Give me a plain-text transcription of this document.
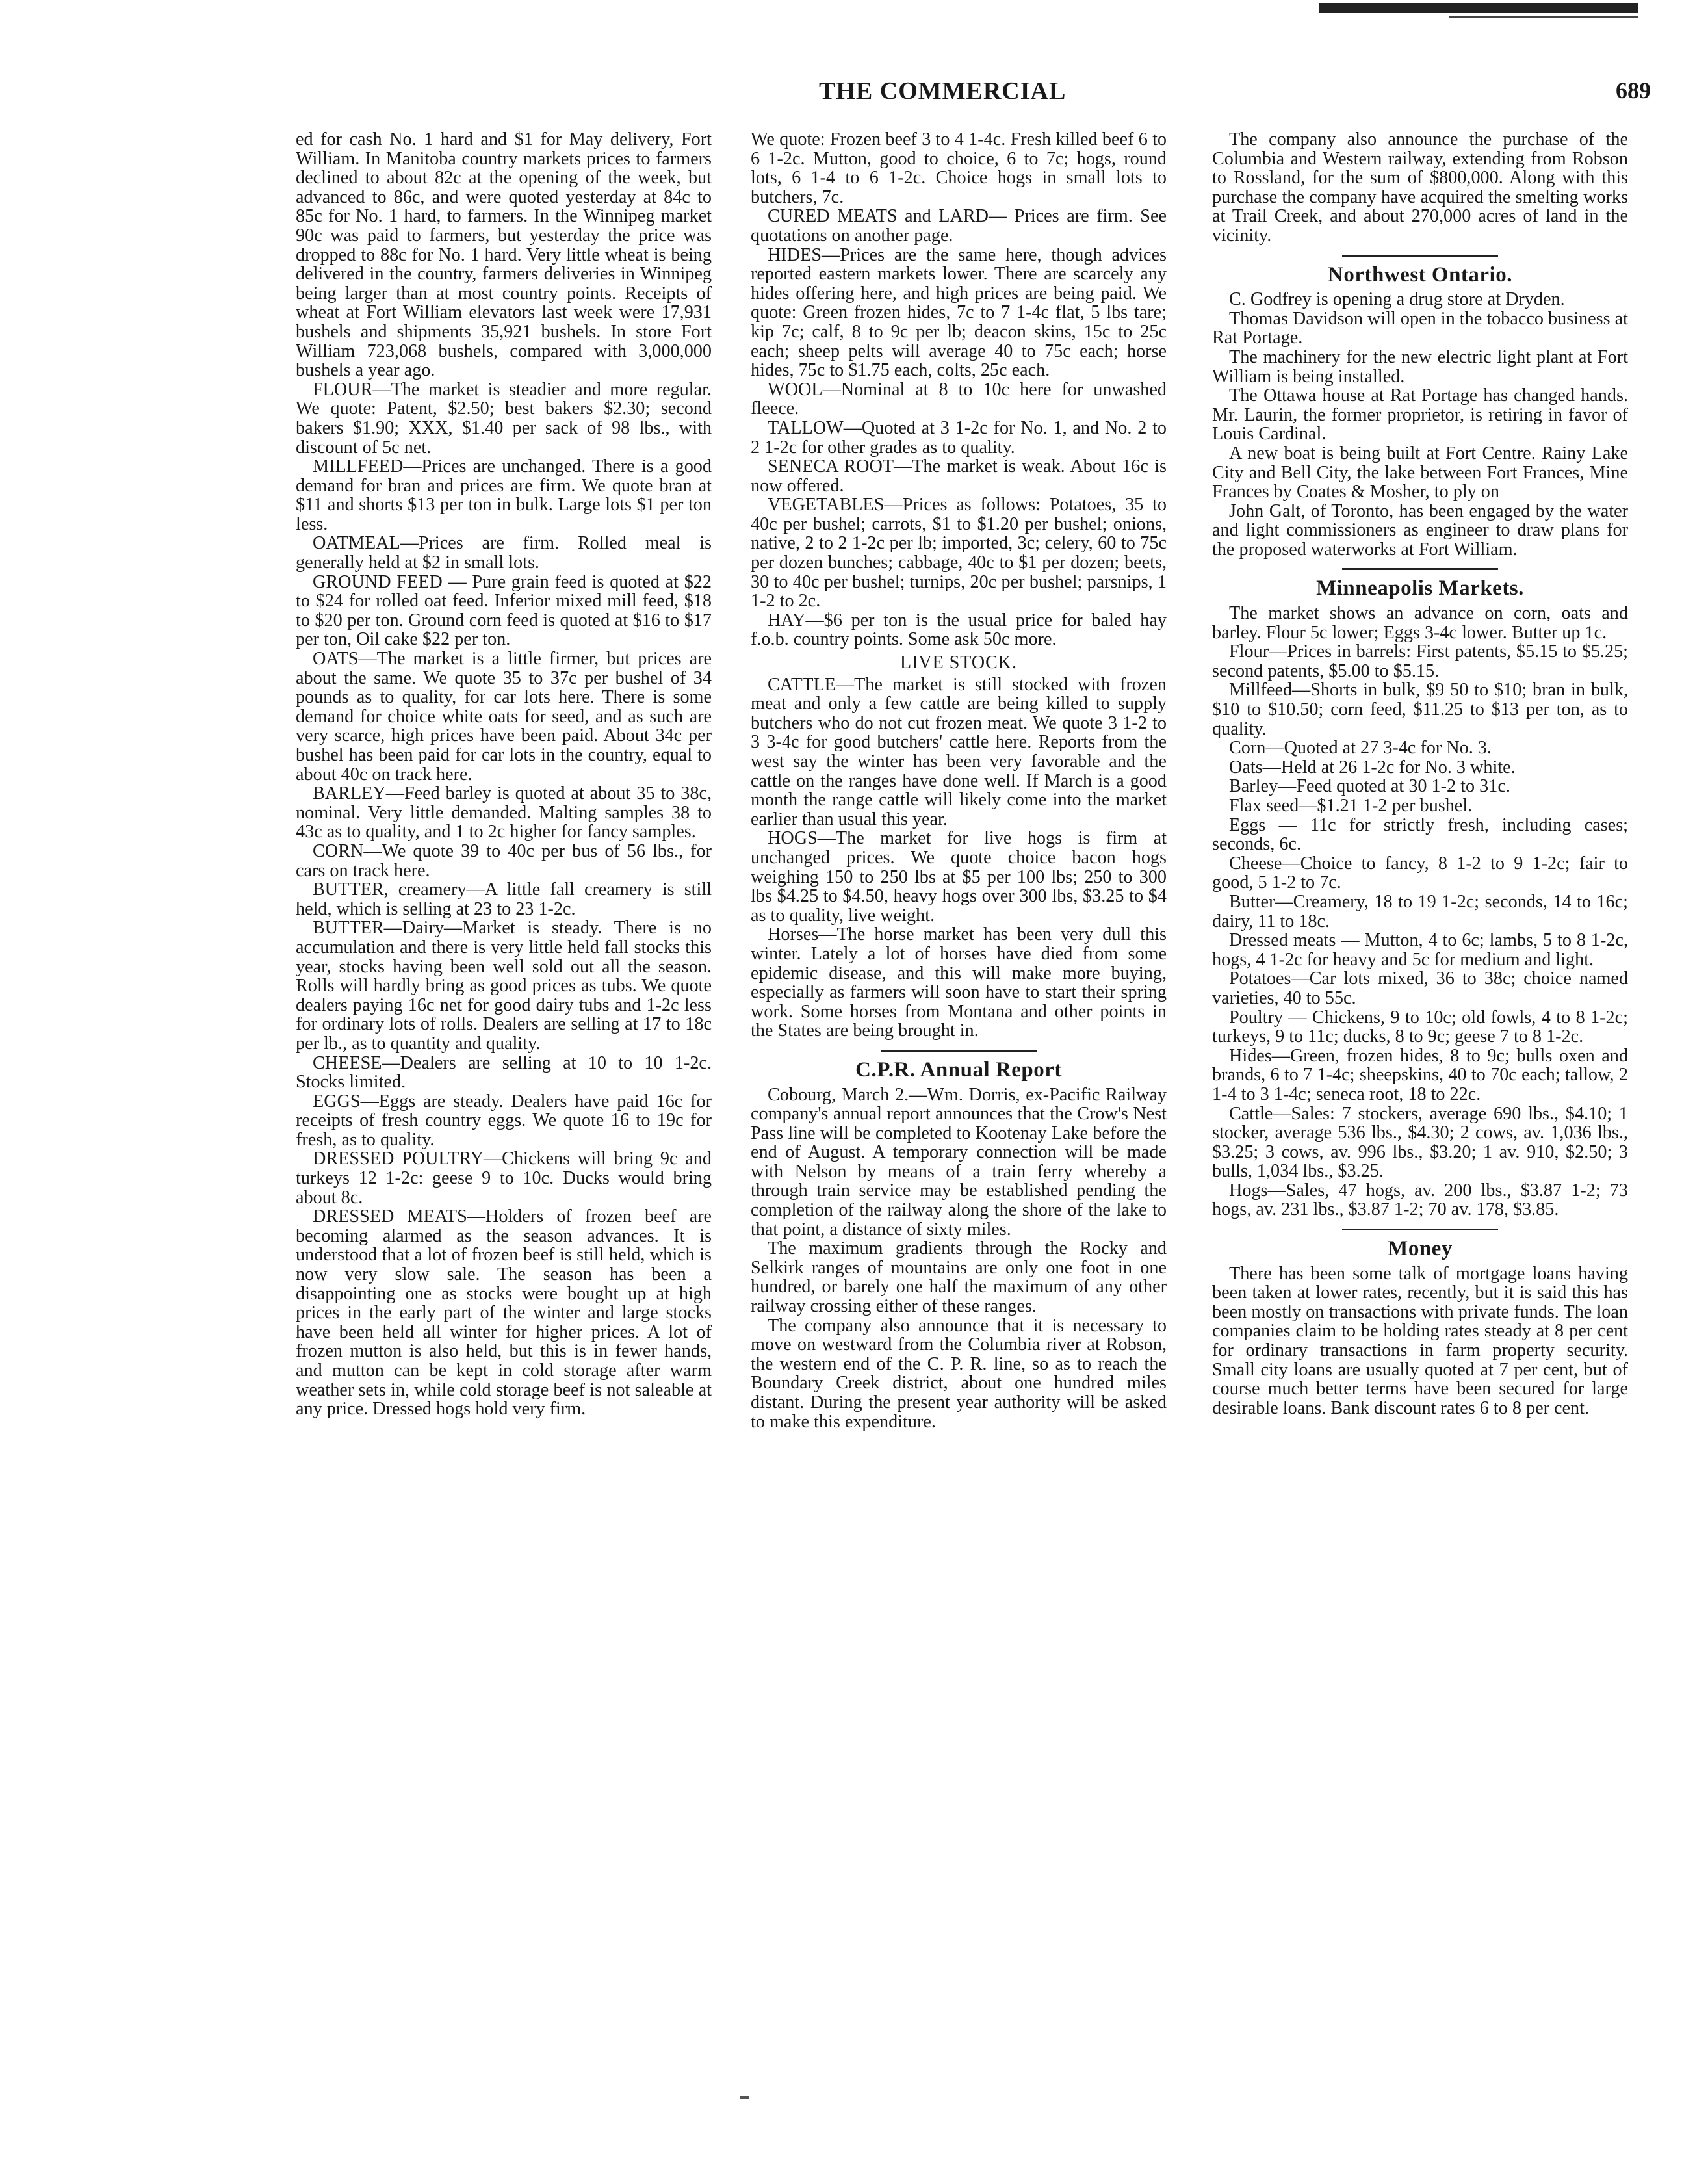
THE COMMERCIAL	689

ed for cash No. 1 hard and $1 for May delivery, Fort William. In Manitoba country markets prices to farmers declined to about 82c at the opening of the week, but advanced to 86c, and were quoted yesterday at 84c to 85c for No. 1 hard, to farmers. In the Winnipeg market 90c was paid to farmers, but yesterday the price was dropped to 88c for No. 1 hard. Very little wheat is being delivered in the country, farmers deliveries in Winnipeg being larger than at most country points. Receipts of wheat at Fort William elevators last week were 17,931 bushels and shipments 35,921 bushels. In store Fort William 723,068 bushels, compared with 3,000,000 bushels a year ago.

FLOUR—The market is steadier and more regular. We quote: Patent, $2.50; best bakers $2.30; second bakers $1.90; XXX, $1.40 per sack of 98 lbs., with discount of 5c net.

MILLFEED—Prices are unchanged. There is a good demand for bran and prices are firm. We quote bran at $11 and shorts $13 per ton in bulk. Large lots $1 per ton less.

OATMEAL—Prices are firm. Rolled meal is generally held at $2 in small lots.

GROUND FEED — Pure grain feed is quoted at $22 to $24 for rolled oat feed. Inferior mixed mill feed, $18 to $20 per ton. Ground corn feed is quoted at $16 to $17 per ton, Oil cake $22 per ton.

OATS—The market is a little firmer, but prices are about the same. We quote 35 to 37c per bushel of 34 pounds as to quality, for car lots here. There is some demand for choice white oats for seed, and as such are very scarce, high prices have been paid. About 34c per bushel has been paid for car lots in the country, equal to about 40c on track here.

BARLEY—Feed barley is quoted at about 35 to 38c, nominal. Very little demanded. Malting samples 38 to 43c as to quality, and 1 to 2c higher for fancy samples.

CORN—We quote 39 to 40c per bus of 56 lbs., for cars on track here.

BUTTER, creamery—A little fall creamery is still held, which is selling at 23 to 23 1-2c.

BUTTER—Dairy—Market is steady. There is no accumulation and there is very little held fall stocks this year, stocks having been well sold out all the season. Rolls will hardly bring as good prices as tubs. We quote dealers paying 16c net for good dairy tubs and 1-2c less for ordinary lots of rolls. Dealers are selling at 17 to 18c per lb., as to quantity and quality.

CHEESE—Dealers are selling at 10 to 10 1-2c. Stocks limited.

EGGS—Eggs are steady. Dealers have paid 16c for receipts of fresh country eggs. We quote 16 to 19c for fresh, as to quality.

DRESSED POULTRY—Chickens will bring 9c and turkeys 12 1-2c: geese 9 to 10c. Ducks would bring about 8c.

DRESSED MEATS—Holders of frozen beef are becoming alarmed as the season advances. It is understood that a lot of frozen beef is still held, which is now very slow sale. The season has been a disappointing one as stocks were bought up at high prices in the early part of the winter and large stocks have been held all winter for higher prices. A lot of frozen mutton is also held, but this is in fewer hands, and mutton can be kept in cold storage after warm weather sets in, while cold storage beef is not saleable at any price. Dressed hogs hold very firm.

We quote: Frozen beef 3 to 4 1-4c. Fresh killed beef 6 to 6 1-2c. Mutton, good to choice, 6 to 7c; hogs, round lots, 6 1-4 to 6 1-2c. Choice hogs in small lots to butchers, 7c.

CURED MEATS and LARD— Prices are firm. See quotations on another page.

HIDES—Prices are the same here, though advices reported eastern markets lower. There are scarcely any hides offering here, and high prices are being paid. We quote: Green frozen hides, 7c to 7 1-4c flat, 5 lbs tare; kip 7c; calf, 8 to 9c per lb; deacon skins, 15c to 25c each; sheep pelts will average 40 to 75c each; horse hides, 75c to $1.75 each, colts, 25c each.

WOOL—Nominal at 8 to 10c here for unwashed fleece.

TALLOW—Quoted at 3 1-2c for No. 1, and No. 2 to 2 1-2c for other grades as to quality.

SENECA ROOT—The market is weak. About 16c is now offered.

VEGETABLES—Prices as follows: Potatoes, 35 to 40c per bushel; carrots, $1 to $1.20 per bushel; onions, native, 2 to 2 1-2c per lb; imported, 3c; celery, 60 to 75c per dozen bunches; cabbage, 40c to $1 per dozen; beets, 30 to 40c per bushel; turnips, 20c per bushel; parsnips, 1 1-2 to 2c.

HAY—$6 per ton is the usual price for baled hay f.o.b. country points. Some ask 50c more.

LIVE STOCK.

CATTLE—The market is still stocked with frozen meat and only a few cattle are being killed to supply butchers who do not cut frozen meat. We quote 3 1-2 to 3 3-4c for good butchers' cattle here. Reports from the west say the winter has been very favorable and the cattle on the ranges have done well. If March is a good month the range cattle will likely come into the market earlier than usual this year.

HOGS—The market for live hogs is firm at unchanged prices. We quote choice bacon hogs weighing 150 to 250 lbs at $5 per 100 lbs; 250 to 300 lbs $4.25 to $4.50, heavy hogs over 300 lbs, $3.25 to $4 as to quality, live weight.

Horses—The horse market has been very dull this winter. Lately a lot of horses have died from some epidemic disease, and this will make more buying, especially as farmers will soon have to start their spring work. Some horses from Montana and other points in the States are being brought in.

C.P.R. Annual Report

Cobourg, March 2.—Wm. Dorris, ex-Pacific Railway company's annual report announces that the Crow's Nest Pass line will be completed to Kootenay Lake before the end of August. A temporary connection will be made with Nelson by means of a train ferry whereby a through train service may be established pending the completion of the railway along the shore of the lake to that point, a distance of sixty miles.

The maximum gradients through the Rocky and Selkirk ranges of mountains are only one foot in one hundred, or barely one half the maximum of any other railway crossing either of these ranges.

The company also announce that it is necessary to move on westward from the Columbia river at Robson, the western end of the C. P. R. line, so as to reach the Boundary Creek district, about one hundred miles distant. During the present year authority will be asked to make this expenditure.

The company also announce the purchase of the Columbia and Western railway, extending from Robson to Rossland, for the sum of $800,000. Along with this purchase the company have acquired the smelting works at Trail Creek, and about 270,000 acres of land in the vicinity.

Northwest Ontario.

C. Godfrey is opening a drug store at Dryden.

Thomas Davidson will open in the tobacco business at Rat Portage.

The machinery for the new electric light plant at Fort William is being installed.

The Ottawa house at Rat Portage has changed hands. Mr. Laurin, the former proprietor, is retiring in favor of Louis Cardinal.

A new boat is being built at Fort Centre. Rainy Lake City and Bell City, the lake between Fort Frances, Mine Frances by Coates & Mosher, to ply on

John Galt, of Toronto, has been engaged by the water and light commissioners as engineer to draw plans for the proposed waterworks at Fort William.

Minneapolis Markets.

The market shows an advance on corn, oats and barley. Flour 5c lower; Eggs 3-4c lower. Butter up 1c.

Flour—Prices in barrels: First patents, $5.15 to $5.25; second patents, $5.00 to $5.15.

Millfeed—Shorts in bulk, $9 50 to $10; bran in bulk, $10 to $10.50; corn feed, $11.25 to $13 per ton, as to quality.

Corn—Quoted at 27 3-4c for No. 3.

Oats—Held at 26 1-2c for No. 3 white.

Barley—Feed quoted at 30 1-2 to 31c.

Flax seed—$1.21 1-2 per bushel.

Eggs — 11c for strictly fresh, including cases; seconds, 6c.

Cheese—Choice to fancy, 8 1-2 to 9 1-2c; fair to good, 5 1-2 to 7c.

Butter—Creamery, 18 to 19 1-2c; seconds, 14 to 16c; dairy, 11 to 18c.

Dressed meats — Mutton, 4 to 6c; lambs, 5 to 8 1-2c, hogs, 4 1-2c for heavy and 5c for medium and light.

Potatoes—Car lots mixed, 36 to 38c; choice named varieties, 40 to 55c.

Poultry — Chickens, 9 to 10c; old fowls, 4 to 8 1-2c; turkeys, 9 to 11c; ducks, 8 to 9c; geese 7 to 8 1-2c.

Hides—Green, frozen hides, 8 to 9c; bulls oxen and brands, 6 to 7 1-4c; sheepskins, 40 to 70c each; tallow, 2 1-4 to 3 1-4c; seneca root, 18 to 22c.

Cattle—Sales: 7 stockers, average 690 lbs., $4.10; 1 stocker, average 536 lbs., $4.30; 2 cows, av. 1,036 lbs., $3.25; 3 cows, av. 996 lbs., $3.20; 1 av. 910, $2.50; 3 bulls, 1,034 lbs., $3.25.

Hogs—Sales, 47 hogs, av. 200 lbs., $3.87 1-2; 73 hogs, av. 231 lbs., $3.87 1-2; 70 av. 178, $3.85.

Money

There has been some talk of mortgage loans having been taken at lower rates, recently, but it is said this has been mostly on transactions with private funds. The loan companies claim to be holding rates steady at 8 per cent for ordinary transactions in farm property security. Small city loans are usually quoted at 7 per cent, but of course much better terms have been secured for large desirable loans. Bank discount rates 6 to 8 per cent.
